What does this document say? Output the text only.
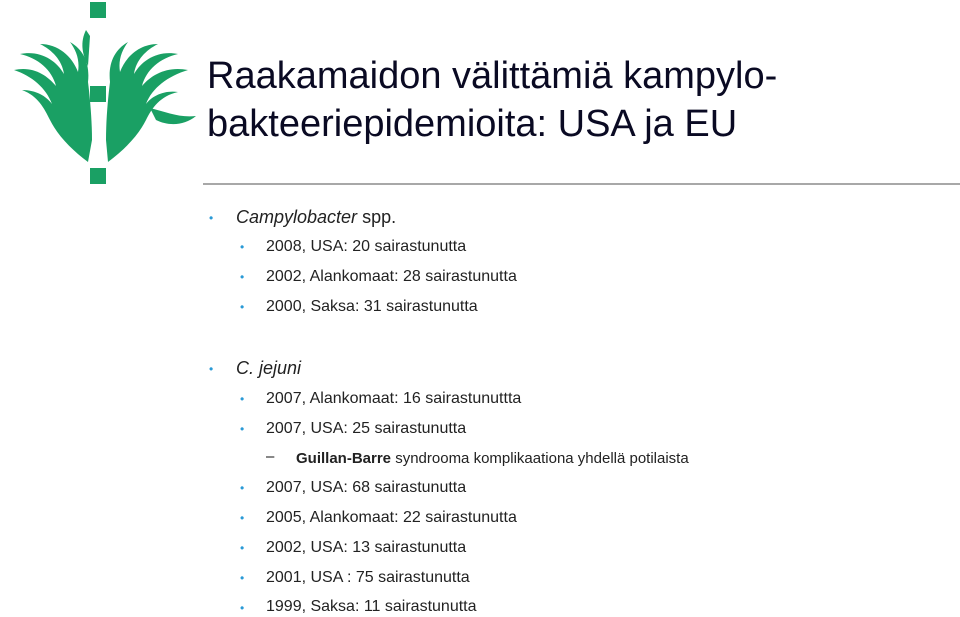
Raakamaidon välittämiä kampylo-bakteeriepidemioita: USA ja EU
• Campylobacter spp.
• 2008, USA: 20 sairastunutta
• 2002, Alankomaat: 28 sairastunutta
• 2000, Saksa: 31 sairastunutta
• C. jejuni
• 2007, Alankomaat: 16 sairastunuttta
• 2007, USA: 25 sairastunutta
– Guillan-Barre syndrooma komplikaationa yhdellä potilaista
• 2007, USA: 68 sairastunutta
• 2005, Alankomaat: 22 sairastunutta
• 2002, USA: 13 sairastunutta
• 2001, USA : 75 sairastunutta
• 1999, Saksa: 11 sairastunutta
